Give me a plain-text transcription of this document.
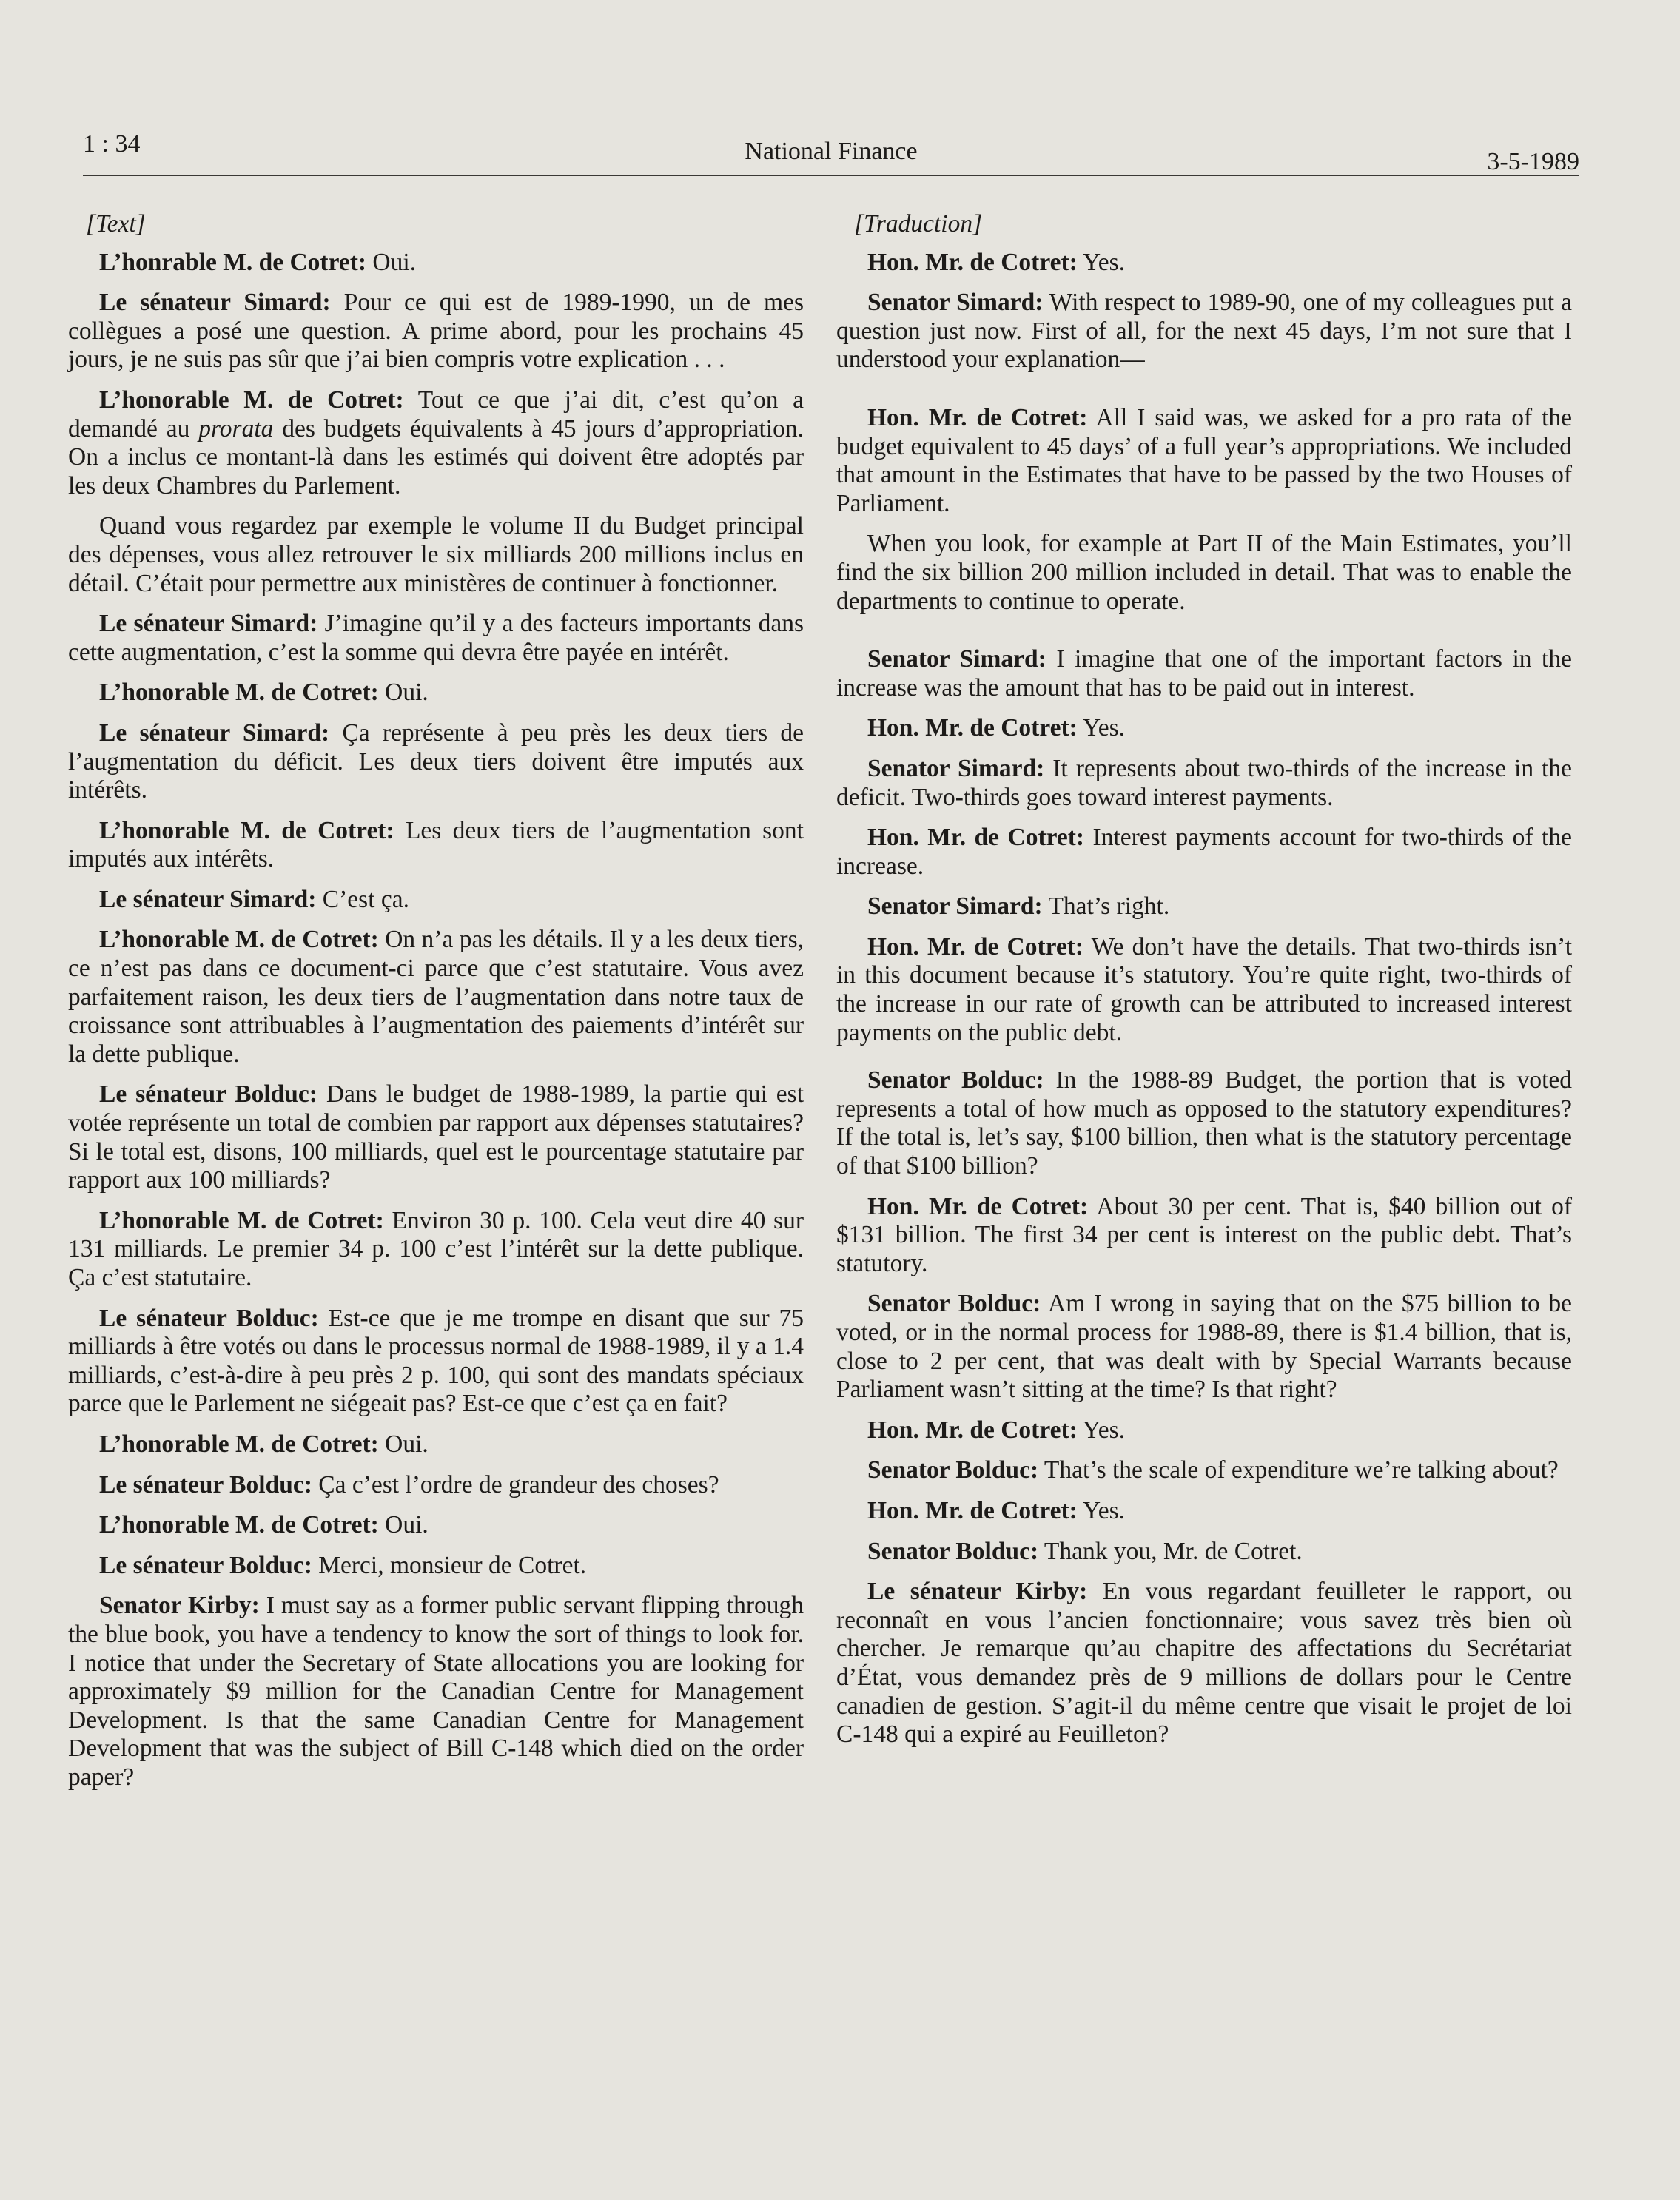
1 : 34	National Finance	3-5-1989
[Text]

L’honrable M. de Cotret: Oui.

Le sénateur Simard: Pour ce qui est de 1989-1990, un de mes collègues a posé une question. A prime abord, pour les prochains 45 jours, je ne suis pas sûr que j’ai bien compris votre explication . . .

L’honorable M. de Cotret: Tout ce que j’ai dit, c’est qu’on a demandé au prorata des budgets équivalents à 45 jours d’appropriation. On a inclus ce montant-là dans les estimés qui doivent être adoptés par les deux Chambres du Parlement.

Quand vous regardez par exemple le volume II du Budget principal des dépenses, vous allez retrouver le six milliards 200 millions inclus en détail. C’était pour permettre aux ministères de continuer à fonctionner.

Le sénateur Simard: J’imagine qu’il y a des facteurs importants dans cette augmentation, c’est la somme qui devra être payée en intérêt.

L’honorable M. de Cotret: Oui.

Le sénateur Simard: Ça représente à peu près les deux tiers de l’augmentation du déficit. Les deux tiers doivent être imputés aux intérêts.

L’honorable M. de Cotret: Les deux tiers de l’augmentation sont imputés aux intérêts.

Le sénateur Simard: C’est ça.

L’honorable M. de Cotret: On n’a pas les détails. Il y a les deux tiers, ce n’est pas dans ce document-ci parce que c’est statutaire. Vous avez parfaitement raison, les deux tiers de l’augmentation dans notre taux de croissance sont attribuables à l’augmentation des paiements d’intérêt sur la dette publique.

Le sénateur Bolduc: Dans le budget de 1988-1989, la partie qui est votée représente un total de combien par rapport aux dépenses statutaires? Si le total est, disons, 100 milliards, quel est le pourcentage statutaire par rapport aux 100 milliards?

L’honorable M. de Cotret: Environ 30 p. 100. Cela veut dire 40 sur 131 milliards. Le premier 34 p. 100 c’est l’intérêt sur la dette publique. Ça c’est statutaire.

Le sénateur Bolduc: Est-ce que je me trompe en disant que sur 75 milliards à être votés ou dans le processus normal de 1988-1989, il y a 1.4 milliards, c’est-à-dire à peu près 2 p. 100, qui sont des mandats spéciaux parce que le Parlement ne siégeait pas? Est-ce que c’est ça en fait?

L’honorable M. de Cotret: Oui.

Le sénateur Bolduc: Ça c’est l’ordre de grandeur des choses?

L’honorable M. de Cotret: Oui.

Le sénateur Bolduc: Merci, monsieur de Cotret.

Senator Kirby: I must say as a former public servant flipping through the blue book, you have a tendency to know the sort of things to look for. I notice that under the Secretary of State allocations you are looking for approximately $9 million for the Canadian Centre for Management Development. Is that the same Canadian Centre for Management Development that was the subject of Bill C-148 which died on the order paper?

[Traduction]

Hon. Mr. de Cotret: Yes.

Senator Simard: With respect to 1989-90, one of my colleagues put a question just now. First of all, for the next 45 days, I’m not sure that I understood your explanation—

Hon. Mr. de Cotret: All I said was, we asked for a pro rata of the budget equivalent to 45 days’ of a full year’s appropriations. We included that amount in the Estimates that have to be passed by the two Houses of Parliament.

When you look, for example at Part II of the Main Estimates, you’ll find the six billion 200 million included in detail. That was to enable the departments to continue to operate.

Senator Simard: I imagine that one of the important factors in the increase was the amount that has to be paid out in interest.

Hon. Mr. de Cotret: Yes.

Senator Simard: It represents about two-thirds of the increase in the deficit. Two-thirds goes toward interest payments.

Hon. Mr. de Cotret: Interest payments account for two-thirds of the increase.

Senator Simard: That’s right.

Hon. Mr. de Cotret: We don’t have the details. That two-thirds isn’t in this document because it’s statutory. You’re quite right, two-thirds of the increase in our rate of growth can be attributed to increased interest payments on the public debt.

Senator Bolduc: In the 1988-89 Budget, the portion that is voted represents a total of how much as opposed to the statutory expenditures? If the total is, let’s say, $100 billion, then what is the statutory percentage of that $100 billion?

Hon. Mr. de Cotret: About 30 per cent. That is, $40 billion out of $131 billion. The first 34 per cent is interest on the public debt. That’s statutory.

Senator Bolduc: Am I wrong in saying that on the $75 billion to be voted, or in the normal process for 1988-89, there is $1.4 billion, that is, close to 2 per cent, that was dealt with by Special Warrants because Parliament wasn’t sitting at the time? Is that right?

Hon. Mr. de Cotret: Yes.

Senator Bolduc: That’s the scale of expenditure we’re talking about?

Hon. Mr. de Cotret: Yes.

Senator Bolduc: Thank you, Mr. de Cotret.

Le sénateur Kirby: En vous regardant feuilleter le rapport, ou reconnaît en vous l’ancien fonctionnaire; vous savez très bien où chercher. Je remarque qu’au chapitre des affectations du Secrétariat d’État, vous demandez près de 9 millions de dollars pour le Centre canadien de gestion. S’agit-il du même centre que visait le projet de loi C-148 qui a expiré au Feuilleton?
